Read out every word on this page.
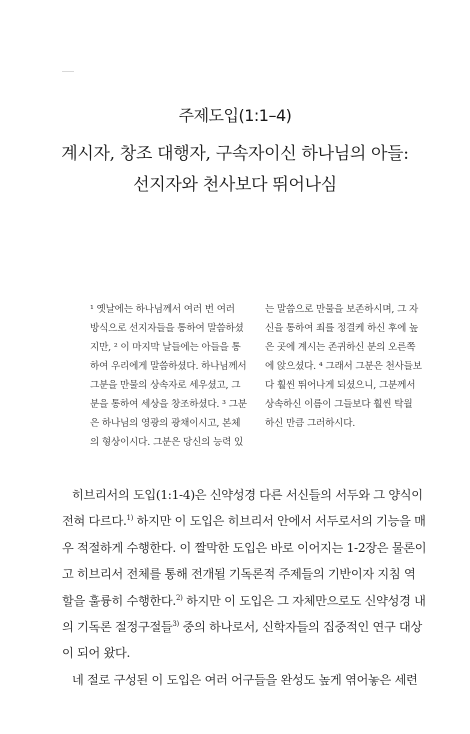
주제도입(1:1–4)
계시자, 창조 대행자, 구속자이신 하나님의 아들:
선지자와 천사보다 뛰어나심
¹ 옛날에는 하나님께서 여러 번 여러
방식으로 선지자들을 통하여 말씀하셨
지만, ² 이 마지막 날들에는 아들을 통
하여 우리에게 말씀하셨다. 하나님께서
그분을 만물의 상속자로 세우셨고, 그
분을 통하여 세상을 창조하셨다. ³ 그분
은 하나님의 영광의 광채이시고, 본체
의 형상이시다. 그분은 당신의 능력 있
는 말씀으로 만물을 보존하시며, 그 자
신을 통하여 죄를 정결케 하신 후에 높
은 곳에 계시는 존귀하신 분의 오른쪽
에 앉으셨다. ⁴ 그래서 그분은 천사들보
다 훨씬 뛰어나게 되셨으니, 그분께서
상속하신 이름이 그들보다 훨씬 탁월
하신 만큼 그러하시다.
히브리서의 도입(1:1-4)은 신약성경 다른 서신들의 서두와 그 양식이
전혀 다르다.$^{1)}$ 하지만 이 도입은 히브리서 안에서 서두로서의 기능을 매
우 적절하게 수행한다. 이 짤막한 도입은 바로 이어지는 1-2장은 물론이
고 히브리서 전체를 통해 전개될 기독론적 주제들의 기반이자 지침 역
할을 훌륭히 수행한다.$^{2)}$ 하지만 이 도입은 그 자체만으로도 신약성경 내
의 기독론 절정구절들$^{3)}$ 중의 하나로서, 신학자들의 집중적인 연구 대상
이 되어 왔다.
네 절로 구성된 이 도입은 여러 어구들을 완성도 높게 엮어놓은 세련
